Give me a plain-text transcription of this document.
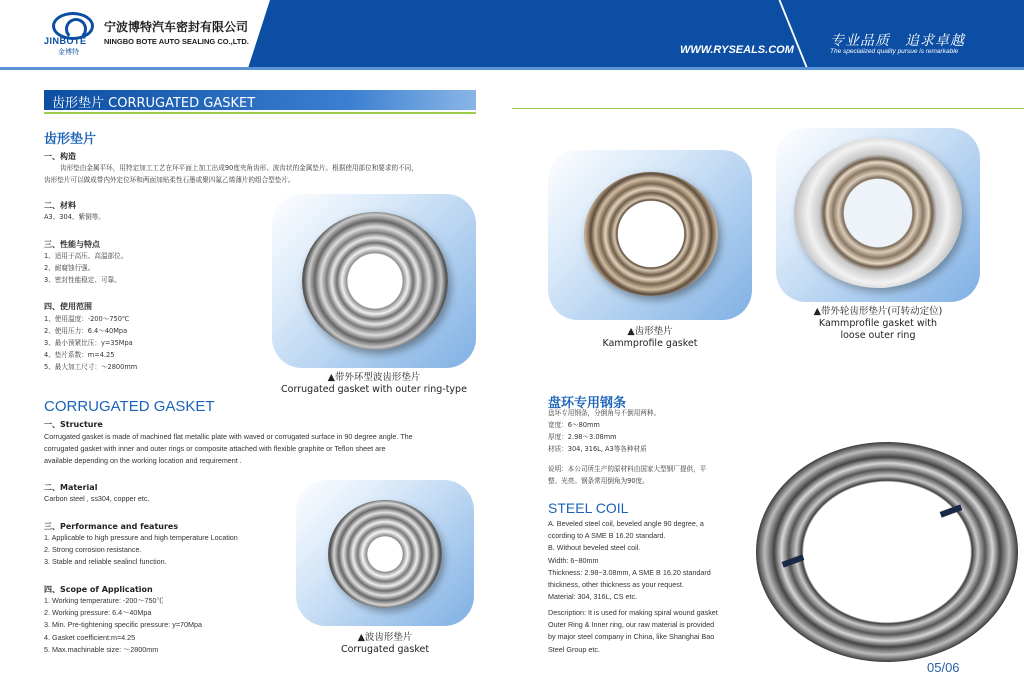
JINBOTE
金博特
宁波博特汽车密封有限公司
NINGBO BOTE AUTO SEALING CO.,LTD.
WWW.RYSEALS.COM
专业品质　追求卓越
The specialized quality pursue is remarkable
齿形垫片 CORRUGATED GASKET
齿形垫片
一、构造
齿形垫由金属平环，用特定加工工艺在环平面上加工出成90度夹角齿形、波齿状的金属垫片。根据使用部位和要求的不同，
齿形垫片可以做成带内外定位环和两面加贴柔性石墨或聚四氟乙烯薄片的组合型垫片。
二、材料
A3、304、紫铜等。
三、性能与特点
1、适用于高压、高温部位。
2、耐腐蚀行强。
3、密封性能稳定、可靠。
四、使用范围
1、使用温度：-200～750℃
2、使用压力：6.4～40Mpa
3、最小预紧比压：y=35Mpa
4、垫片系数：m=4.25
5、最大加工尺寸：～2800mm
▲带外环型波齿形垫片
Corrugated gasket with outer ring-type
CORRUGATED GASKET
一、Structure
Corrugated gasket is made of machined flat metallic plate with waved or corrugated surface in 90 degree angle. The
corrugated gasket with inner and outer rings or composite attached with flexible graphite or Teflon sheet are
available depending on the working location and requirement .
二、Material
Carbon steel , ss304, copper etc.
三、Performance and features
1. Applicable to high pressure and high temperature Location
2. Strong corrosion resistance.
3. Stable and reliable sealincl function.
四、Scope of Application
1. Working temperature: -200～750℃
2. Working pressure: 6.4～40Mpa
3. Min. Pre-tightening specific pressure: y=70Mpa
4. Gasket coefficient:m=4.25
5. Max.machinable size: ～2800mm
▲波齿形垫片
Corrugated gasket
▲齿形垫片
Kammprofile gasket
▲带外轮齿形垫片(可转动定位)
Kammprofile gasket with
loose outer ring
盘环专用钢条
盘环专用钢条，分倒角与不倒用两种。
宽度：6～80mm
厚度：2.98～3.08mm
材质：304, 316L, A3等各种材质
说明：本公司所生产的原材料由国家大型钢厂提供，平
整、光亮。钢条常用倒角为90度。
STEEL COIL
A. Beveled steel coil, beveled angle 90 degree, a
ccording to A SME B 16.20 standard.
B. Without beveled steel coil.
Width: 6~80mm
Thickness: 2.98~3.08mm, A SME B 16.20 standard
thickness, other thickness as your request.
Material: 304, 316L, CS etc.
Description: It is used for making spiral wound gasket
Outer Ring & Inner ring, our raw material is provided
by major steel company in China, like Shanghai Bao
Steel Group etc.
05/06
